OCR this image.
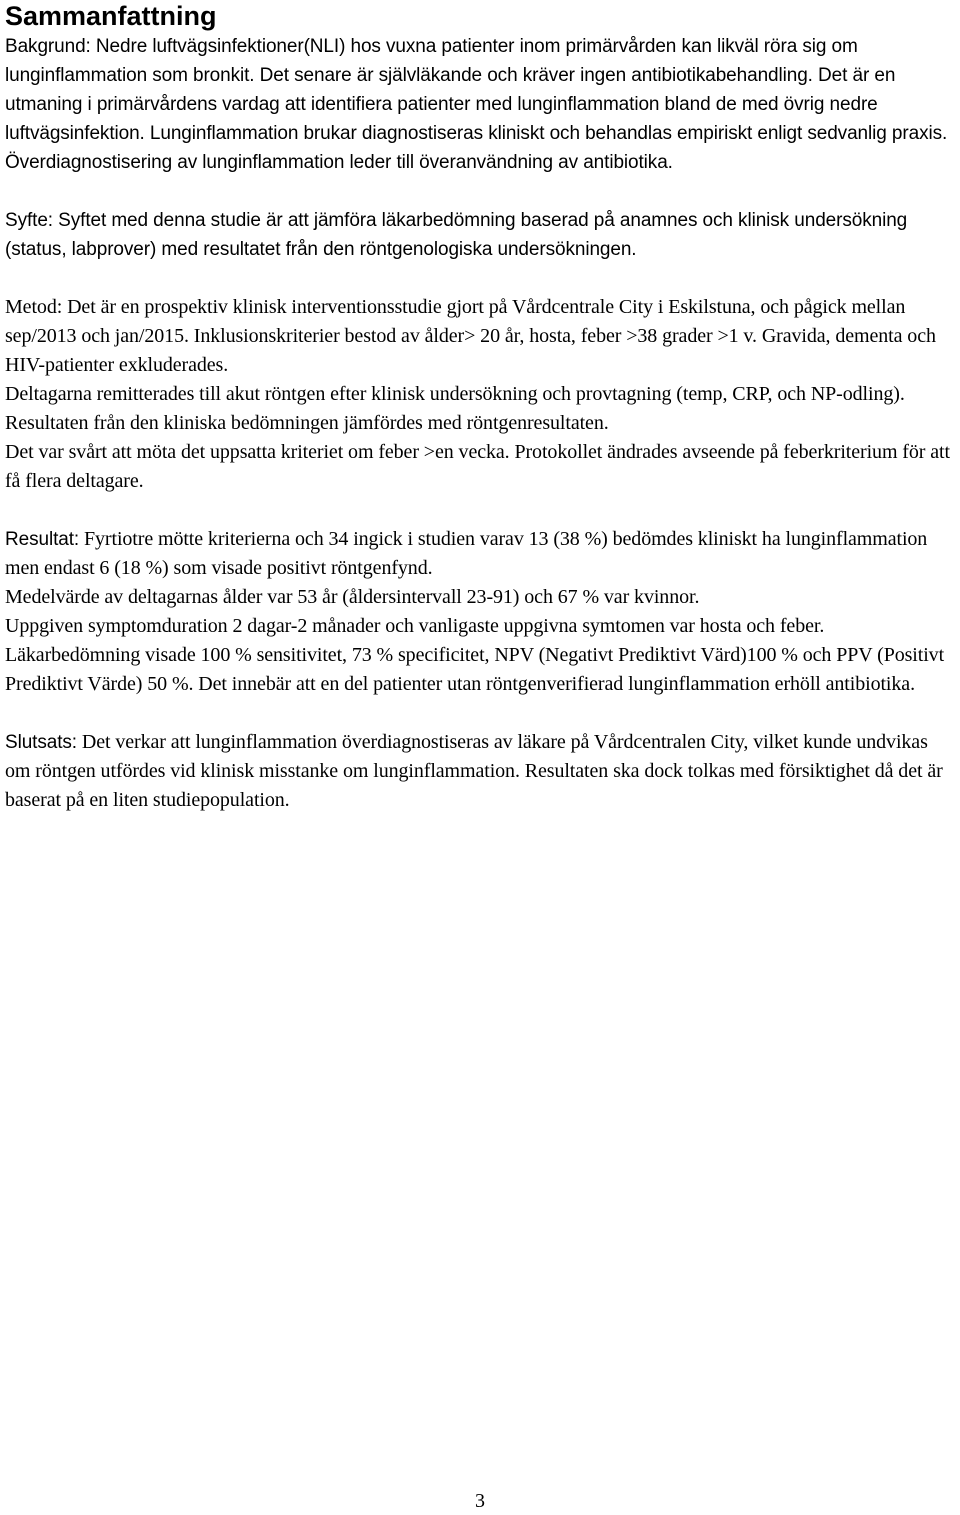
Sammanfattning

Bakgrund: Nedre luftvägsinfektioner(NLI) hos vuxna patienter inom primärvården kan likväl röra sig om lunginflammation som bronkit. Det senare är självläkande och kräver ingen antibiotikabehandling. Det är en utmaning i primärvårdens vardag att identifiera patienter med lunginflammation bland de med övrig nedre luftvägsinfektion. Lunginflammation brukar diagnostiseras kliniskt och behandlas empiriskt enligt sedvanlig praxis. Överdiagnostisering av lunginflammation leder till överanvändning av antibiotika.

Syfte: Syftet med denna studie är att jämföra läkarbedömning baserad på anamnes och klinisk undersökning (status, labprover) med resultatet från den röntgenologiska undersökningen.

Metod: Det är en prospektiv klinisk interventionsstudie gjort på Vårdcentrale City i Eskilstuna, och pågick mellan sep/2013 och jan/2015. Inklusionskriterier bestod av ålder> 20 år, hosta, feber >38 grader >1 v. Gravida, dementa och HIV-patienter exkluderades.
Deltagarna remitterades till akut röntgen efter klinisk undersökning och provtagning (temp, CRP, och NP-odling). Resultaten från den kliniska bedömningen jämfördes med röntgenresultaten.
Det var svårt att möta det uppsatta kriteriet om feber >en vecka. Protokollet ändrades avseende på feberkriterium för att få flera deltagare.
Resultat: Fyrtiotre mötte kriterierna och 34 ingick i studien varav 13 (38 %) bedömdes kliniskt ha lunginflammation men endast 6 (18 %) som visade positivt röntgenfynd.
Medelvärde av deltagarnas ålder var 53 år (åldersintervall 23-91) och 67 % var kvinnor.
Uppgiven symptomduration 2 dagar-2 månader och vanligaste uppgivna symtomen var hosta och feber.
Läkarbedömning visade 100 % sensitivitet, 73 % specificitet, NPV (Negativt Prediktivt Värd)100 % och PPV (Positivt Prediktivt Värde) 50 %. Det innebär att en del patienter utan röntgenverifierad lunginflammation erhöll antibiotika.

Slutsats: Det verkar att lunginflammation överdiagnostiseras av läkare på Vårdcentralen City, vilket kunde undvikas om röntgen utfördes vid klinisk misstanke om lunginflammation. Resultaten ska dock tolkas med försiktighet då det är baserat på en liten studiepopulation.

3
